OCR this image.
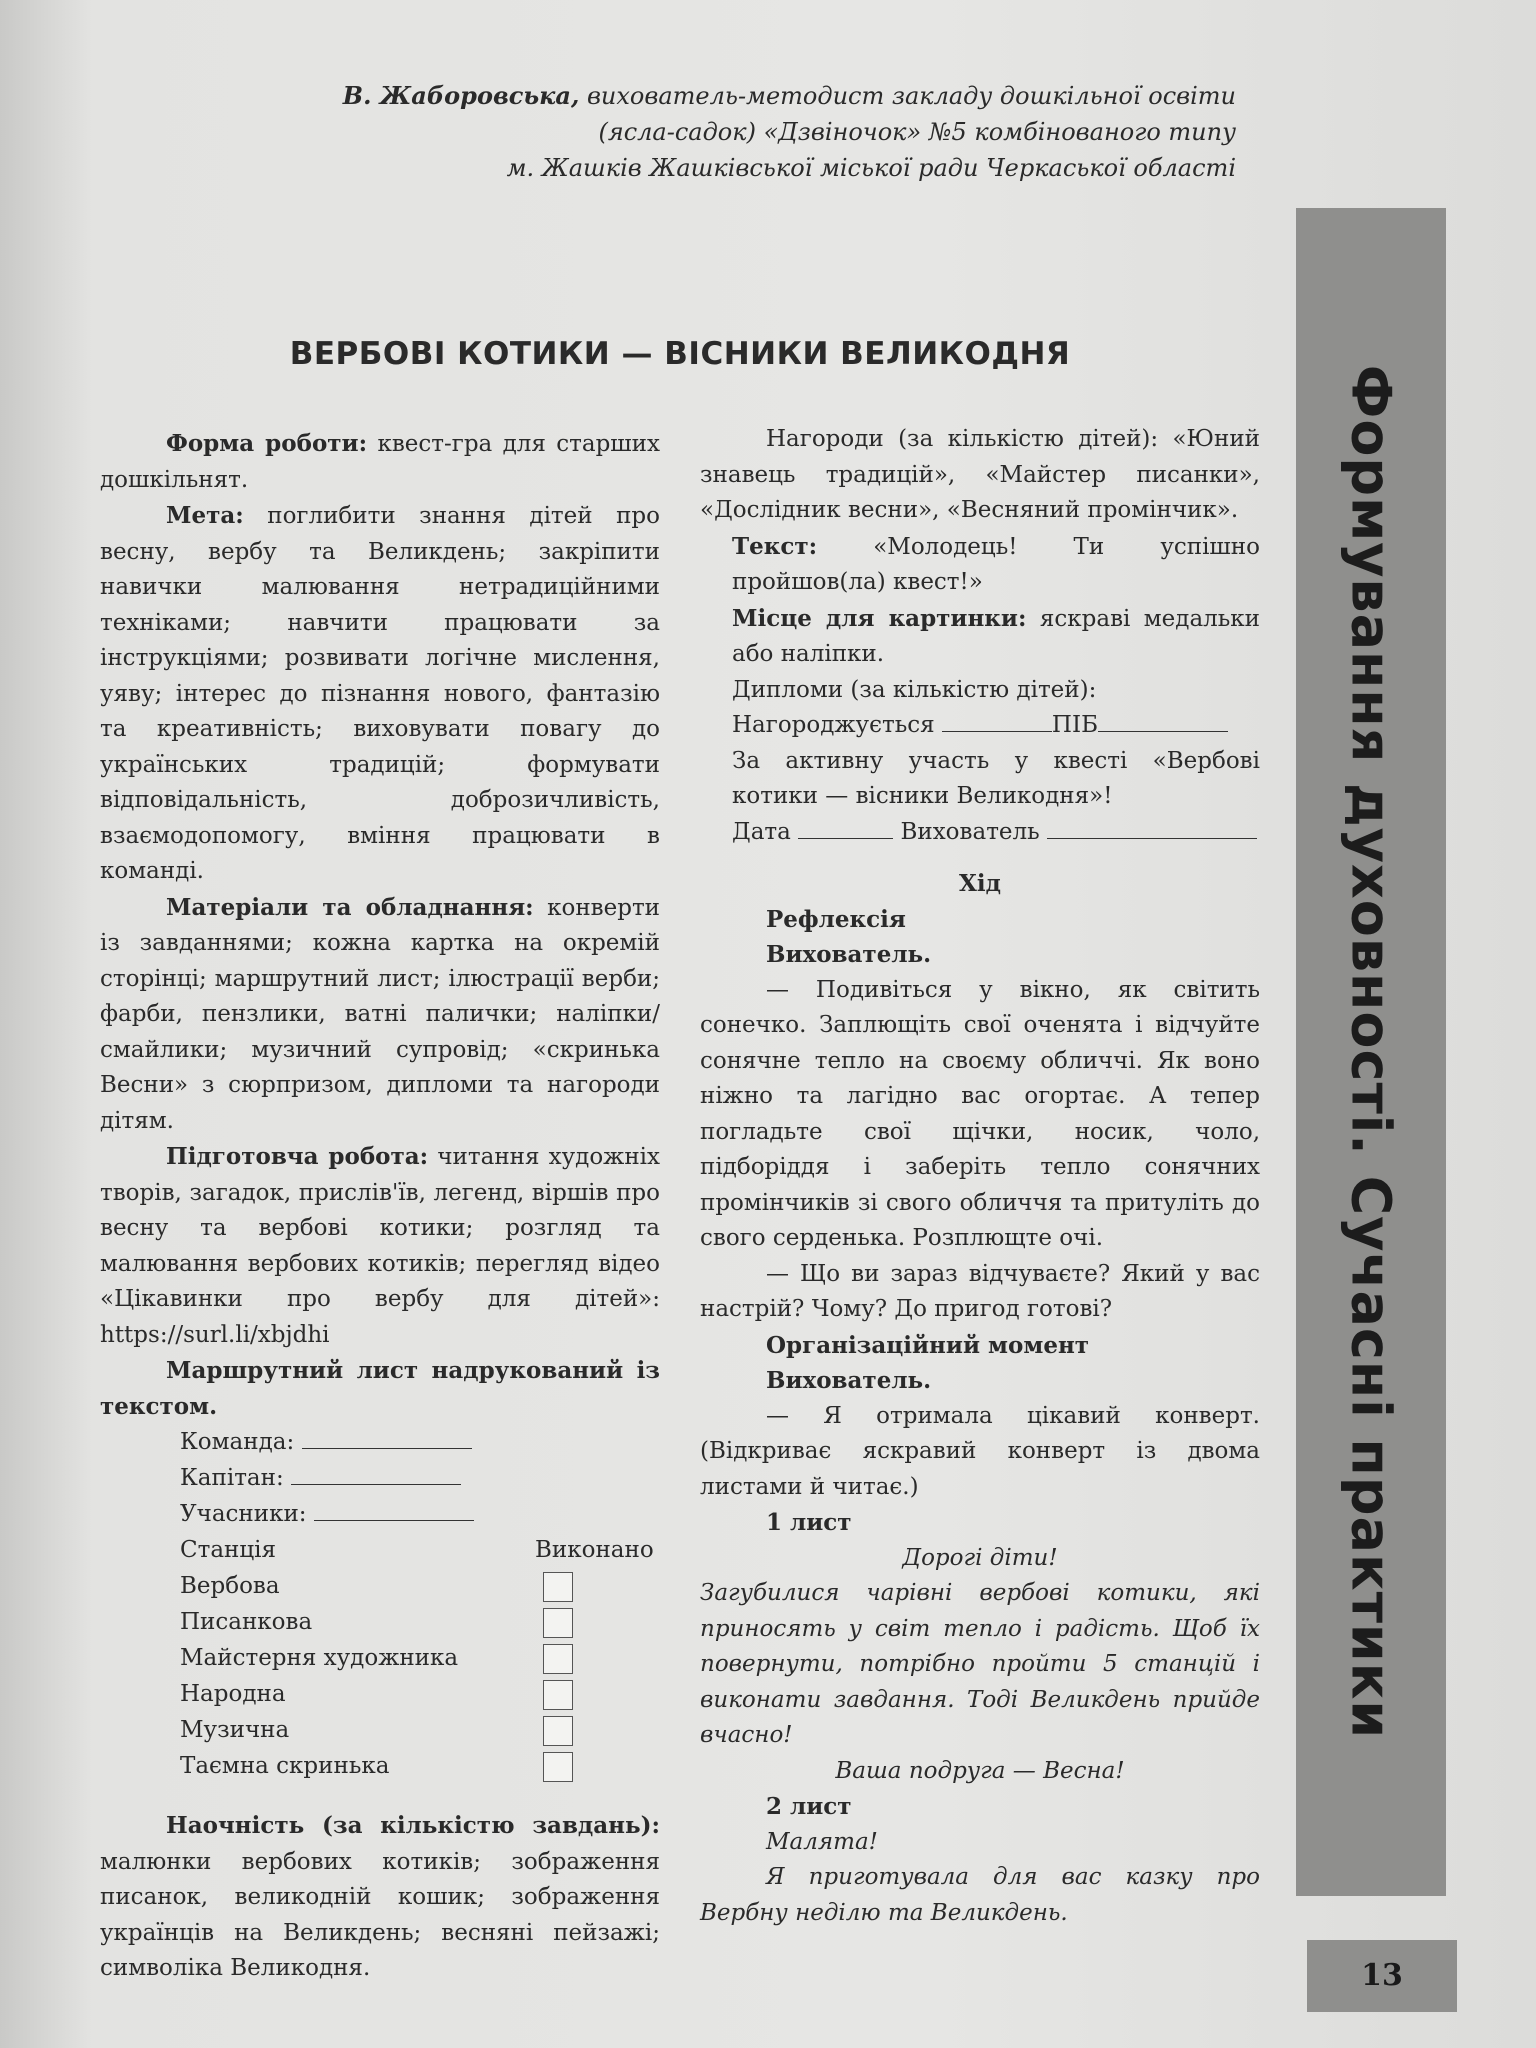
В. Жаборовська, вихователь-методист закладу дошкільної освіти
(ясла-садок) «Дзвіночок» №5 комбінованого типу
м. Жашків Жашківської міської ради Черкаської області
ВЕРБОВІ КОТИКИ — ВІСНИКИ ВЕЛИКОДНЯ

Форма роботи: квест-гра для старших дошкільнят.

Мета: поглибити знання дітей про весну, вербу та Великдень; закріпити навички малювання нетрадиційними техніками; навчити працювати за інструкціями; розвивати логічне мислення, уяву; інтерес до пізнання нового, фантазію та креативність; виховувати повагу до українських традицій; формувати відповідальність, доброзичливість, взаємодопомогу, вміння працювати в команді.

Матеріали та обладнання: конверти із завданнями; кожна картка на окремій сторінці; маршрутний лист; ілюстрації верби; фарби, пензлики, ватні палички; наліпки/смайлики; музичний супровід; «скринька Весни» з сюрпризом, дипломи та нагороди дітям.

Підготовча робота: читання художніх творів, загадок, прислів'їв, легенд, віршів про весну та вербові котики; розгляд та малювання вербових котиків; перегляд відео «Цікавинки про вербу для дітей»: https://surl.li/xbjdhi

Маршрутний лист надрукований із текстом.

Команда:	
Капітан:	
Учасники:	
Станція	Виконано
Вербова	
Писанкова	
Майстерня художника	
Народна	
Музична	
Таємна скринька	

Наочність (за кількістю завдань): малюнки вербових котиків; зображення писанок, великодній кошик; зображення українців на Великдень; весняні пейзажі; символіка Великодня.

Нагороди (за кількістю дітей): «Юний знавець традицій», «Майстер писанки», «Дослідник весни», «Весняний промінчик».

Текст: «Молодець! Ти успішно пройшов(ла) квест!»

Місце для картинки: яскраві медальки або наліпки.

Дипломи (за кількістю дітей):

Нагороджується	ПІБ

За активну участь у квесті «Вербові котики — вісники Великодня»!

Дата	Вихователь

Хід

Рефлексія

Вихователь.

— Подивіться у вікно, як світить сонечко. Заплющіть свої оченята і відчуйте сонячне тепло на своєму обличчі. Як воно ніжно та лагідно вас огортає. А тепер погладьте свої щічки, носик, чоло, підборіддя і заберіть тепло сонячних промінчиків зі свого обличчя та притуліть до свого серденька. Розплющте очі.

— Що ви зараз відчуваєте? Який у вас настрій? Чому? До пригод готові?

Організаційний момент

Вихователь.

— Я отримала цікавий конверт. (Відкриває яскравий конверт із двома листами й читає.)

1 лист

Дорогі діти!

Загубилися чарівні вербові котики, які приносять у світ тепло і радість. Щоб їх повернути, потрібно пройти 5 станцій і виконати завдання. Тоді Великдень прийде вчасно!

Ваша подруга — Весна!

2 лист

Малята!

Я приготувала для вас казку про Вербну неділю та Великдень.

Формування духовності. Сучасні практики
13
